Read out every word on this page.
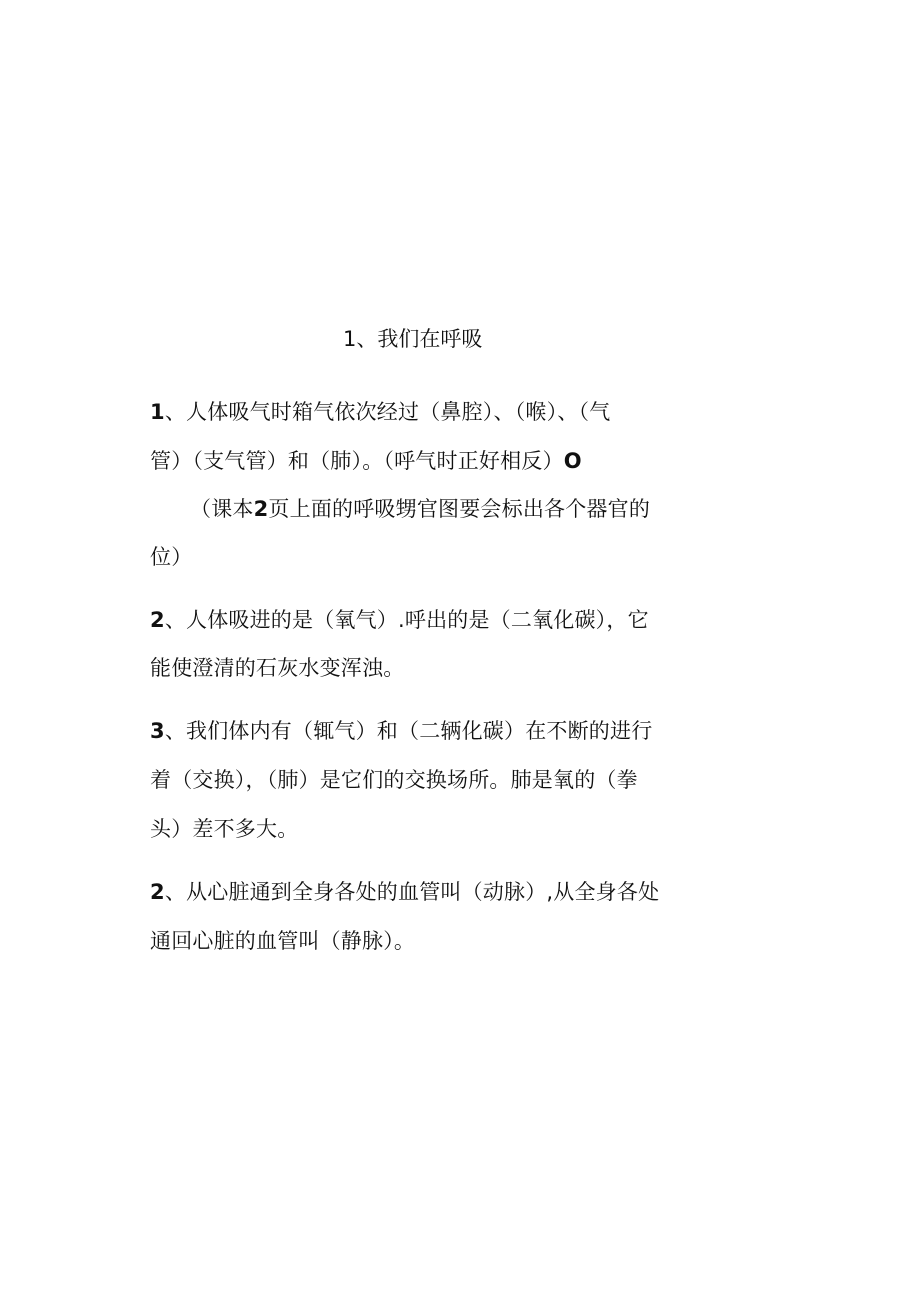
1、我们在呼吸
1、人体吸气时箱气依次经过（鼻腔）、（喉）、（气
管）（支气管）和（肺）。（呼气时正好相反）O
（课本2页上面的呼吸甥官图要会标出各个器官的
位）
2、人体吸进的是（氧气）.呼出的是（二氧化碳），它
能使澄清的石灰水变浑浊。
3、我们体内有（辄气）和（二辆化碳）在不断的进行
着（交换），（肺）是它们的交换场所。肺是氧的（拳
头）差不多大。
2、从心脏通到全身各处的血管叫（动脉）,从全身各处
通回心脏的血管叫（静脉）。
